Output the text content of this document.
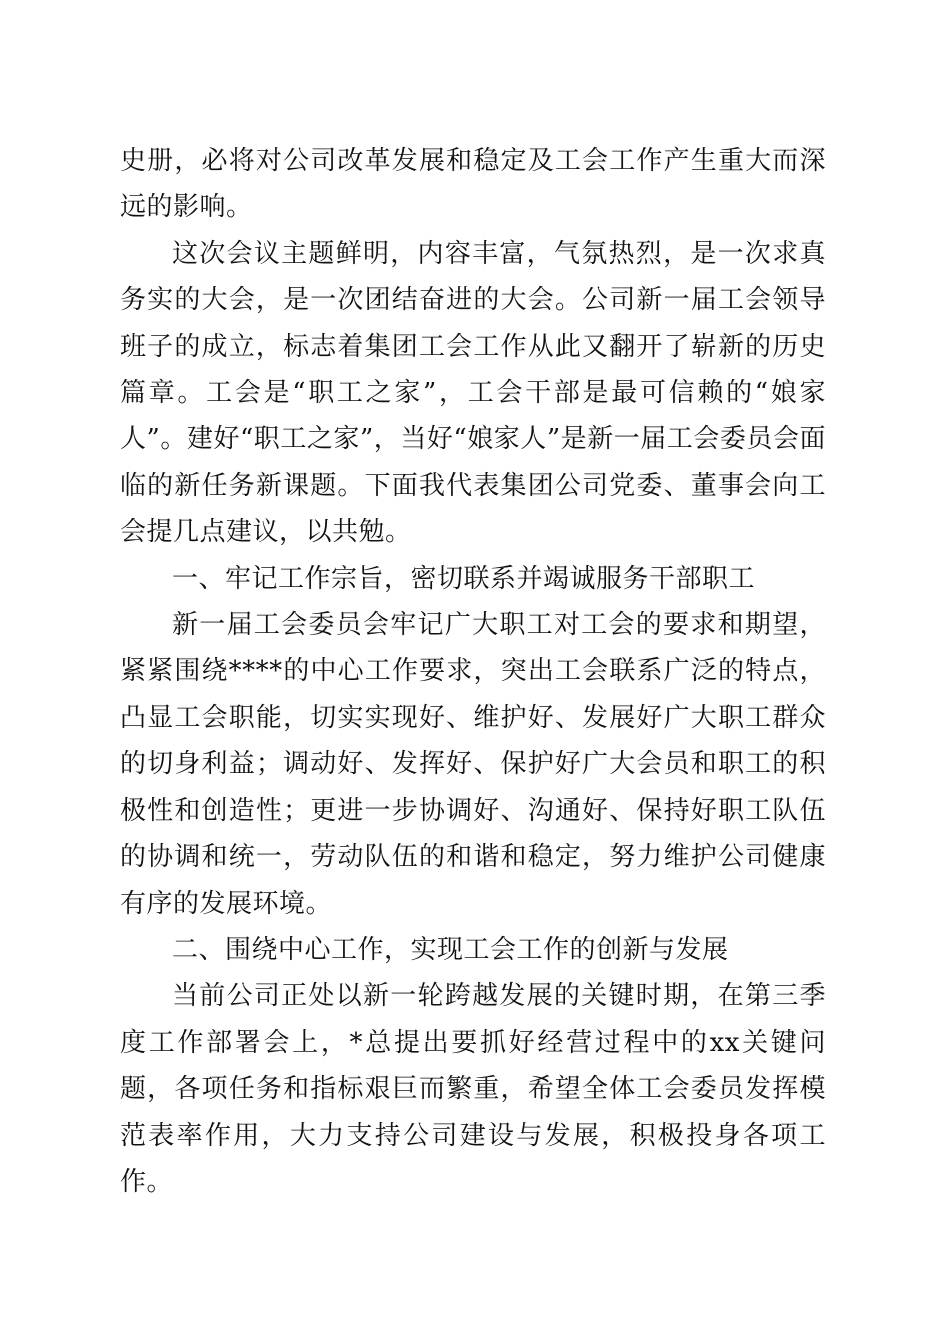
史册，必将对公司改革发展和稳定及工会工作产生重大而深远的影响。

这次会议主题鲜明，内容丰富，气氛热烈，是一次求真务实的大会，是一次团结奋进的大会。公司新一届工会领导班子的成立，标志着集团工会工作从此又翻开了崭新的历史篇章。工会是“职工之家”，工会干部是最可信赖的“娘家人”。建好“职工之家”，当好“娘家人”是新一届工会委员会面临的新任务新课题。下面我代表集团公司党委、董事会向工会提几点建议，以共勉。

一、牢记工作宗旨，密切联系并竭诚服务干部职工

新一届工会委员会牢记广大职工对工会的要求和期望，紧紧围绕****的中心工作要求，突出工会联系广泛的特点，凸显工会职能，切实实现好、维护好、发展好广大职工群众的切身利益；调动好、发挥好、保护好广大会员和职工的积极性和创造性；更进一步协调好、沟通好、保持好职工队伍的协调和统一，劳动队伍的和谐和稳定，努力维护公司健康有序的发展环境。

二、围绕中心工作，实现工会工作的创新与发展

当前公司正处以新一轮跨越发展的关键时期，在第三季度工作部署会上，*总提出要抓好经营过程中的xx关键问题，各项任务和指标艰巨而繁重，希望全体工会委员发挥模范表率作用，大力支持公司建设与发展，积极投身各项工作。
